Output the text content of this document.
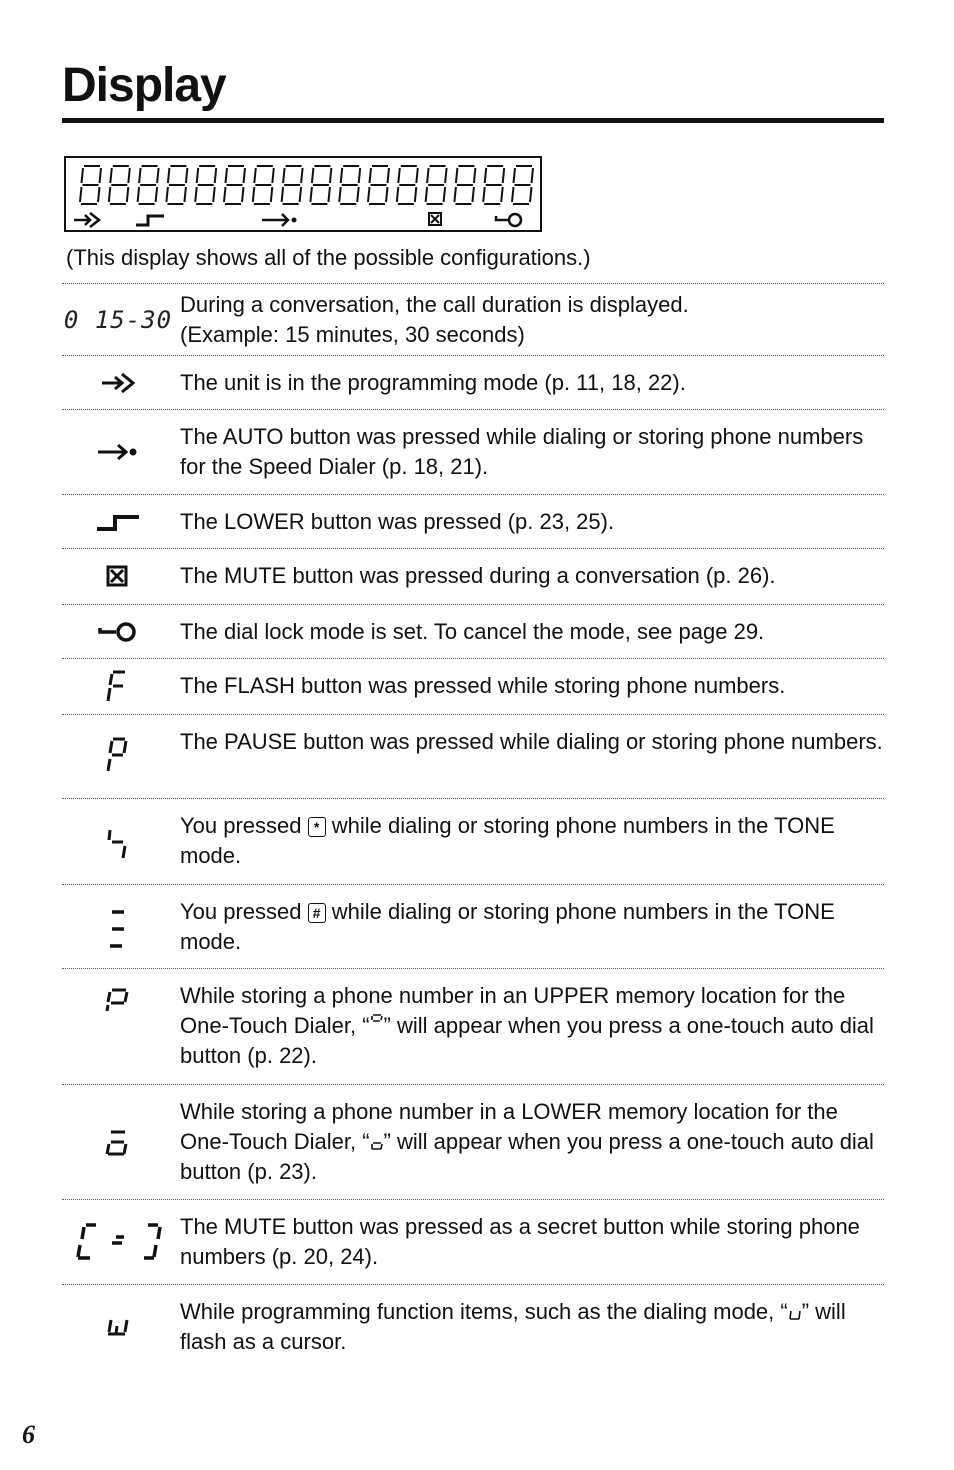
Display
(This display shows all of the possible configurations.)
0 15-30
During a conversation, the call duration is displayed.
(Example: 15 minutes, 30 seconds)
The unit is in the programming mode (p. 11, 18, 22).
The AUTO button was pressed while dialing or storing phone numbers for the Speed Dialer (p. 18, 21).
The LOWER button was pressed (p. 23, 25).
The MUTE button was pressed during a conversation (p. 26).
The dial lock mode is set. To cancel the mode, see page 29.
The FLASH button was pressed while storing phone numbers.
The PAUSE button was pressed while dialing or storing phone numbers.
You pressed * while dialing or storing phone numbers in the TONE mode.
You pressed # while dialing or storing phone numbers in the TONE mode.
While storing a phone number in an UPPER memory location for the One-Touch Dialer, “ ” will appear when you press a one-touch auto dial button (p. 22).
While storing a phone number in a LOWER memory location for the One-Touch Dialer, “ ” will appear when you press a one-touch auto dial button (p. 23).
The MUTE button was pressed as a secret button while storing phone numbers (p. 20, 24).
While programming function items, such as the dialing mode, “ ” will flash as a cursor.
6
